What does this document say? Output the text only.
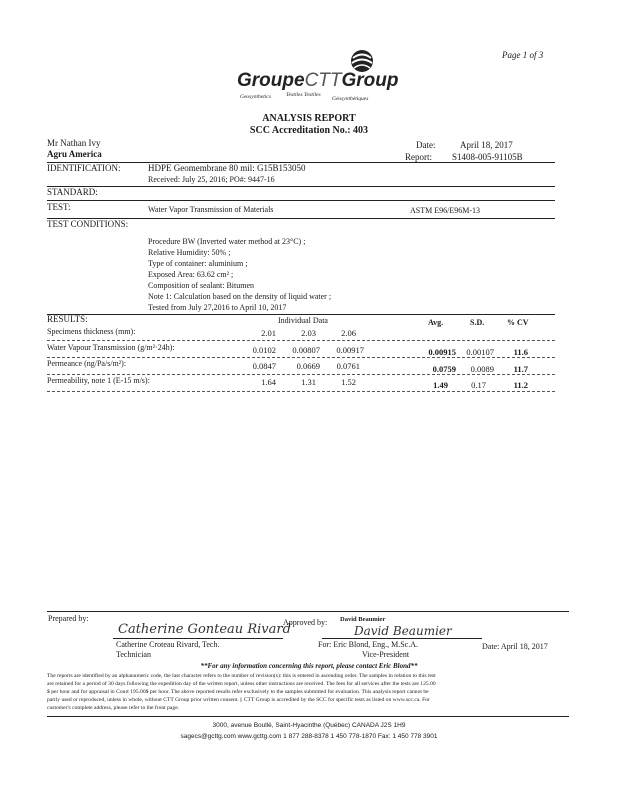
Page 1 of 3
GroupeCTTGroup
Geosynthetics	Textiles Textiles
Géosynthétiques
ANALYSIS REPORT
SCC Accreditation No.: 403
Mr Nathan Ivy
Agru America
Date:	April 18, 2017
Report: S1408-005-91105B
IDENTIFICATION:	HDPE Geomembrane 80 mil: G15B153050
Received: July 25, 2016; PO#: 9447-16
STANDARD:
TEST:	Water Vapor Transmission of Materials	ASTM E96/E96M-13
TEST CONDITIONS:
Procedure BW (Inverted water method at 23°C) ;
Relative Humidity: 50% ;
Type of container: aluminium ;
Exposed Area: 63.62 cm² ;
Composition of sealant: Bitumen
Note 1: Calculation based on the density of liquid water ;
Tested from July 27,2016 to April 10, 2017
RESULTS:	Individual Data	Avg.	S.D.	% CV
Specimens thickness (mm):	2.01	2.03	2.06
Water Vapour Transmission (g/m²·24h):	0.0102	0.00807	0.00917	0.00915	0.00107	11.6
Permeance (ng/Pa/s/m²):	0.0847	0.0669	0.0761	0.0759	0.0089	11.7
Permeability, note 1 (E-15 m/s):	1.64	1.31	1.52	1.49	0.17	11.2
Prepared by:
Catherine Gonteau Rivard
Catherine Croteau Rivard, Tech.
Technician
Approved by: David Beaumier
David Beaumier
For: Eric Blond, Eng., M.Sc.A.
Vice-President
Date: April 18, 2017
**For any information concerning this report, please contact Eric Blond**
The reports are identified by an alphanumeric code, the last character refers to the number of revision(s): this is entered in ascending order. The samples in relation to this test
are retained for a period of 30 days following the expedition day of the written report, unless other instructions are received. The fees for all services after the tests are 125.00
$ per hour and for appraisal in Court 195.00$ per hour. The above reported results refer exclusively to the samples submitted for evaluation. This analysis report cannot be
partly used or reproduced, unless in whole, without CTT Group prior written consent. || CTT Group is accredited by the SCC for specific tests as listed on www.scc.ca. For
customer's complete address, please refer to the front page.
3000, avenue Boullé, Saint-Hyacinthe (Québec) CANADA J2S 1H9
sagecs@gcttg.com www.gcttg.com 1 877 288-8378 1 450 778-1870 Fax: 1 450 778 3901
